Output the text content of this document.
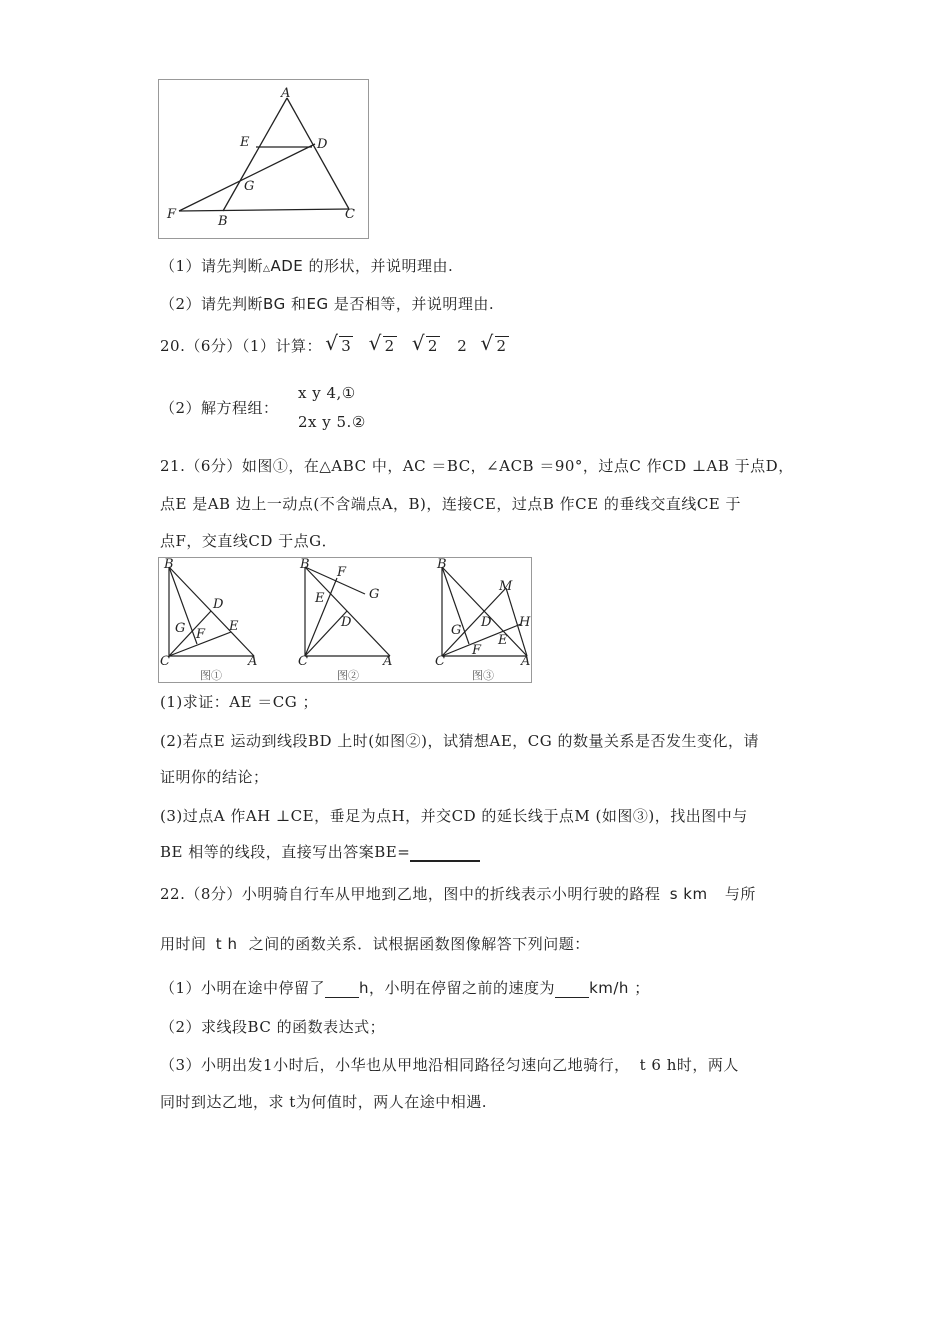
A
E	D
G
F	B	C
（1）请先判断△ADE 的形状，并说明理由.
（2）请先判断BG 和EG 是否相等，并说明理由.
20.（6分）（1）计算： √ 3 √ 2 √ 2 2 √ 2
（2）解方程组：
x y 4,①
2x y 5.②
21.（6分）如图①，在△ABC 中，AC ＝BC，∠ACB ＝90°，过点C 作CD ⊥AB 于点D，
点E 是AB 边上一动点(不含端点A，B)，连接CE，过点B 作CE 的垂线交直线CE 于
点F，交直线CD 于点G．
B
D
G F
E
C	A
图①
B
F
E	G
D
C	A
图②
B
M
D H
G
E
F
C	A
图③
(1)求证：AE ＝CG ；
(2)若点E 运动到线段BD 上时(如图②)，试猜想AE，CG 的数量关系是否发生变化，请
证明你的结论；
(3)过点A 作AH ⊥CE，垂足为点H，并交CD 的延长线于点M (如图③)，找出图中与
BE 相等的线段，直接写出答案BE=
22.（8分）小明骑自行车从甲地到乙地，图中的折线表示小明行驶的路程 s km 与所
用时间 t h 之间的函数关系．试根据函数图像解答下列问题：
（1）小明在途中停留了 h，小明在停留之前的速度为 km/h ；
（2）求线段BC 的函数表达式；
（3）小明出发1小时后，小华也从甲地沿相同路径匀速向乙地骑行， t 6 h时，两人
同时到达乙地，求 t为何值时，两人在途中相遇.
